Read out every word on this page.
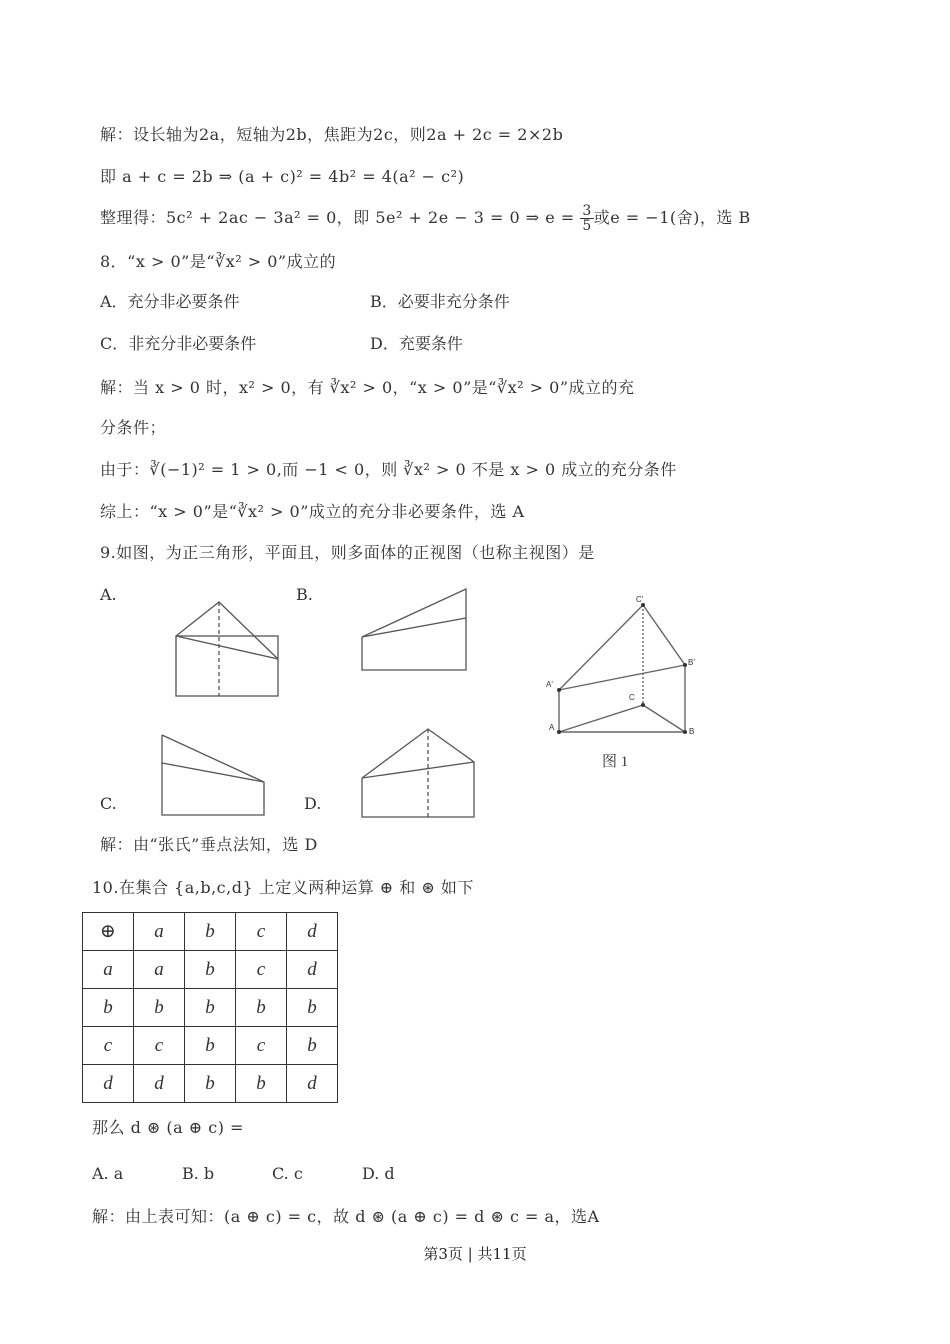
解：设长轴为2a，短轴为2b，焦距为2c，则2a + 2c = 2×2b
即 a + c = 2b ⇒ (a + c)² = 4b² = 4(a² − c²)
整理得：5c² + 2ac − 3a² = 0，即 5e² + 2e − 3 = 0 ⇒ $e = \frac{3}{5}$ 或e = −1(舍)，选 B
8．“x > 0”是“∛x² > 0”成立的
A．充分非必要条件	B．必要非充分条件
C．非充分非必要条件	D．充要条件
解：当 x > 0 时，x² > 0，有 ∛x² > 0，“x > 0”是“∛x² > 0”成立的充
分条件；
由于：∛(−1)² = 1 > 0,而 −1 < 0，则 ∛x² > 0 不是 x > 0 成立的充分条件
综上：“x > 0”是“∛x² > 0”成立的充分非必要条件，选 A
9.如图，为正三角形，平面且，则多面体的正视图（也称主视图）是
A.	B.
C.	D.
C'
B'
A'
C
A	B
图 1
解：由“张氏”垂点法知，选 D
10.在集合 {a,b,c,d} 上定义两种运算 ⊕ 和 ⊛ 如下
⊕	a	b	c	d
a	a	b	c	d
b	b	b	b	b
c	c	b	c	b
d	d	b	b	d
那么 d ⊛ (a ⊕ c) =
A. a	B. b	C. c	D. d
解：由上表可知：(a ⊕ c) = c，故 d ⊛ (a ⊕ c) = d ⊛ c = a，选A
第3页 | 共11页
